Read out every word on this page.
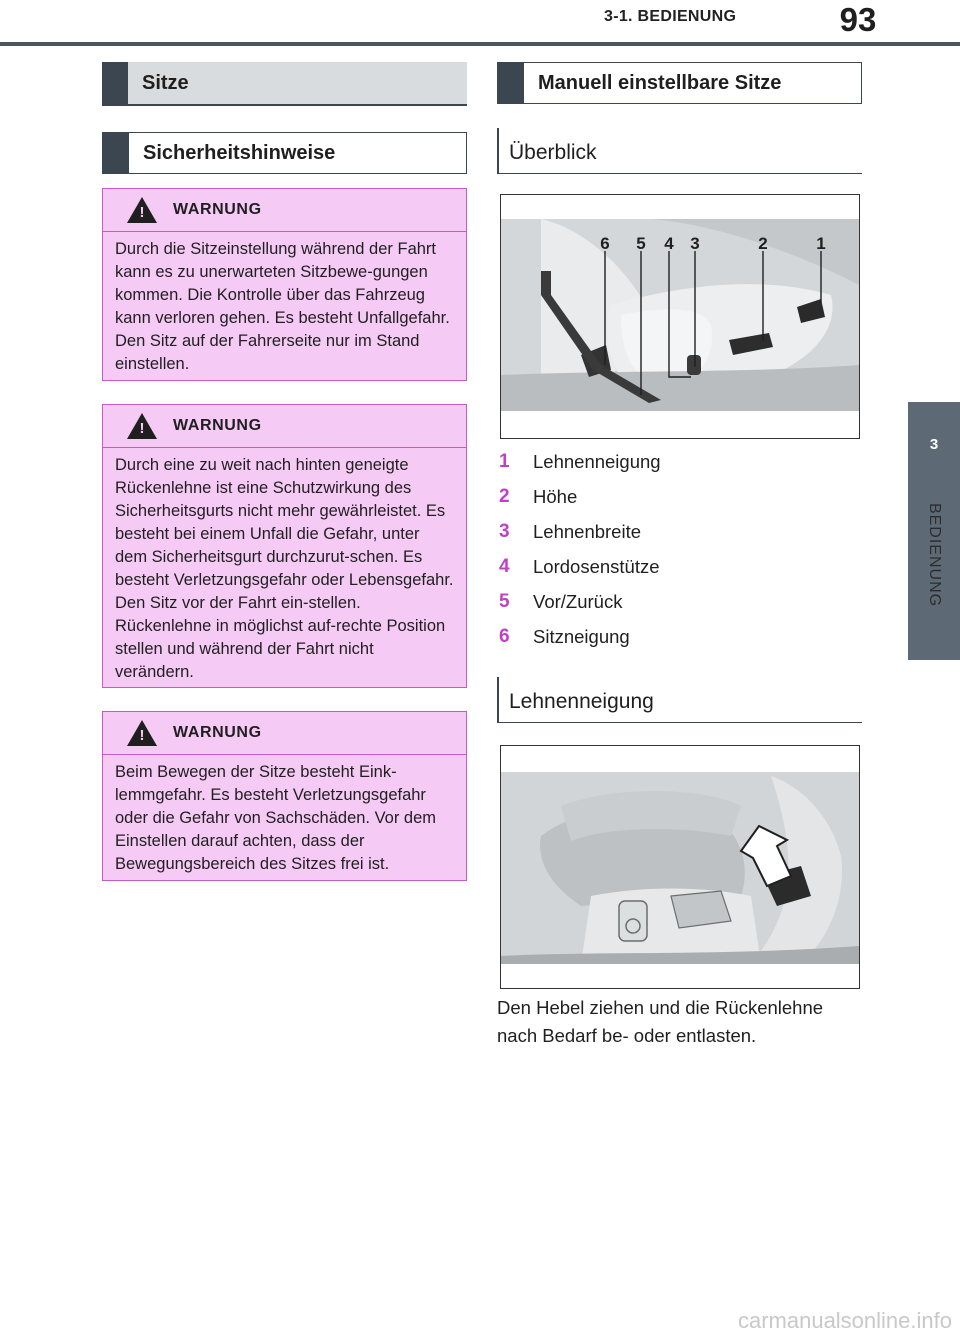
3-1. BEDIENUNG	93
3
BEDIENUNG
Sitze
Sicherheitshinweise
! WARNUNG
Durch die Sitzeinstellung während der Fahrt kann es zu unerwarteten Sitzbewe-gungen kommen. Die Kontrolle über das Fahrzeug kann verloren gehen. Es besteht Unfallgefahr. Den Sitz auf der Fahrerseite nur im Stand einstellen.
! WARNUNG
Durch eine zu weit nach hinten geneigte Rückenlehne ist eine Schutzwirkung des Sicherheitsgurts nicht mehr gewährleistet. Es besteht bei einem Unfall die Gefahr, unter dem Sicherheitsgurt durchzurut-schen. Es besteht Verletzungsgefahr oder Lebensgefahr. Den Sitz vor der Fahrt ein-stellen. Rückenlehne in möglichst auf-rechte Position stellen und während der Fahrt nicht verändern.
! WARNUNG
Beim Bewegen der Sitze besteht Eink-lemmgefahr. Es besteht Verletzungsgefahr oder die Gefahr von Sachschäden. Vor dem Einstellen darauf achten, dass der Bewegungsbereich des Sitzes frei ist.
Manuell einstellbare Sitze
Überblick
6 5 4 3	2	1
1	Lehnenneigung
2	Höhe
3	Lehnenbreite
4	Lordosenstütze
5	Vor/Zurück
6	Sitzneigung
Lehnenneigung
Den Hebel ziehen und die Rückenlehne nach Bedarf be- oder entlasten.
carmanualsonline.info
